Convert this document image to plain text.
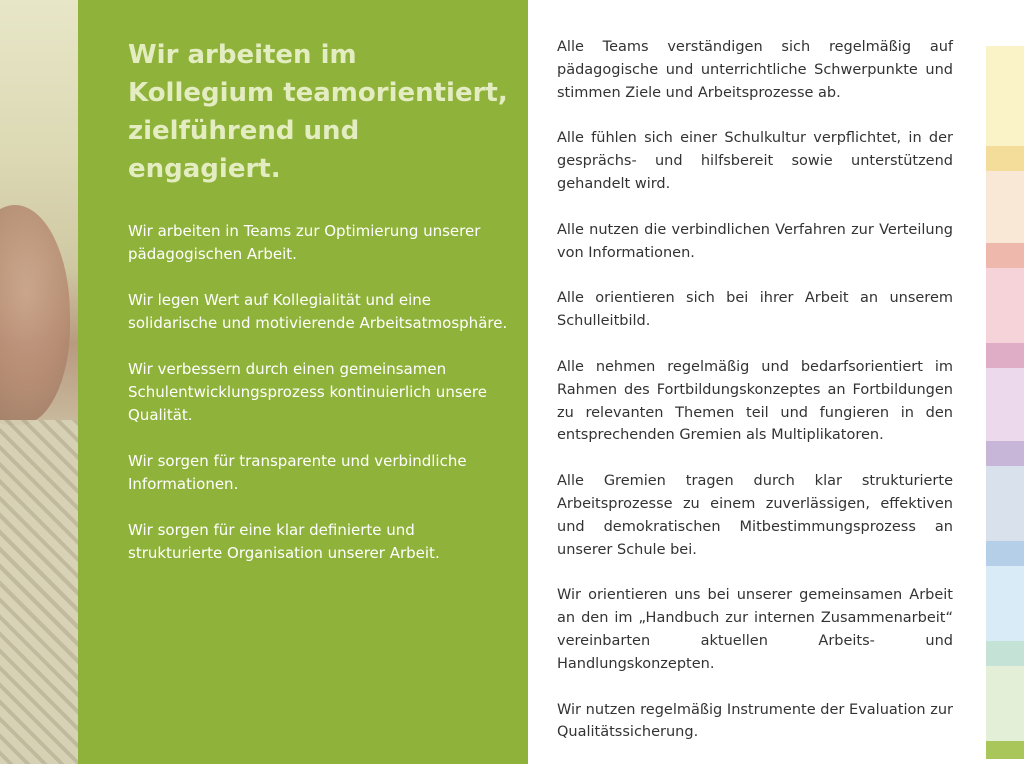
Wir arbeiten im Kollegium teamorientiert, zielführend und engagiert.
Wir arbeiten in Teams zur Optimierung unserer pädagogischen Arbeit.
Wir legen Wert auf Kollegialität und eine solidarische und motivierende Arbeitsatmosphäre.
Wir verbessern durch einen gemeinsamen Schulentwicklungsprozess kontinuierlich unsere Qualität.
Wir sorgen für transparente und verbindliche Informationen.
Wir sorgen für eine klar definierte und strukturierte Organisation unserer Arbeit.
Alle Teams verständigen sich regelmäßig auf pädagogische und unterrichtliche Schwerpunkte und stimmen Ziele und Arbeitsprozesse ab.
Alle fühlen sich einer Schulkultur verpflichtet, in der gesprächs- und hilfsbereit sowie unterstützend gehandelt wird.
Alle nutzen die verbindlichen Verfahren zur Verteilung von Informationen.
Alle orientieren sich bei ihrer Arbeit an unserem Schulleitbild.
Alle nehmen regelmäßig und bedarfsorientiert im Rahmen des Fortbildungskonzeptes an Fortbildungen zu relevanten Themen teil und fungieren in den entsprechenden Gremien als Multiplikatoren.
Alle Gremien tragen durch klar strukturierte Arbeitsprozesse zu einem zuverlässigen, effektiven und demokratischen Mitbestimmungsprozess an unserer Schule bei.
Wir orientieren uns bei unserer gemeinsamen Arbeit an den im „Handbuch zur internen Zusammenarbeit“ vereinbarten aktuellen Arbeits- und Handlungskonzepten.
Wir nutzen regelmäßig Instrumente der Evaluation zur Qualitätssicherung.
